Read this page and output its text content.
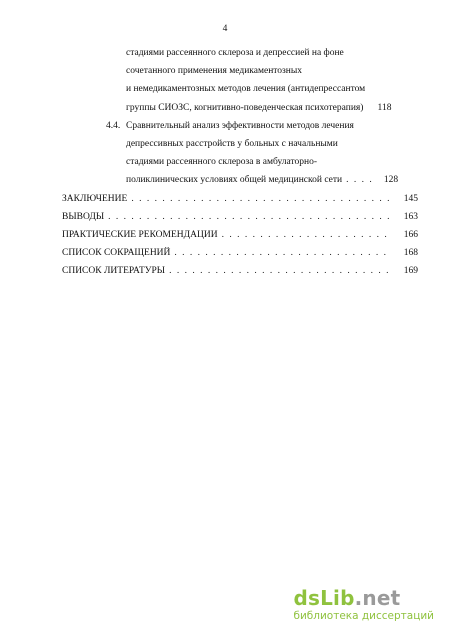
4
стадиями рассеянного склероза и депрессией на фоне
сочетанного применения медикаментозных
и немедикаментозных методов лечения (антидепрессантом
группы СИОЗС, когнитивно-поведенческая психотерапия)	118
4.4. Сравнительный анализ эффективности методов лечения
депрессивных расстройств у больных с начальными
стадиями рассеянного склероза в амбулаторно-
поликлинических условиях общей медицинской сети . . .	128
ЗАКЛЮЧЕНИЕ . . .	145
ВЫВОДЫ . . .	163
ПРАКТИЧЕСКИЕ РЕКОМЕНДАЦИИ . . .	166
СПИСОК СОКРАЩЕНИЙ . . .	168
СПИСОК ЛИТЕРАТУРЫ . . .	169
dsLib.net
библиотека диссертаций
